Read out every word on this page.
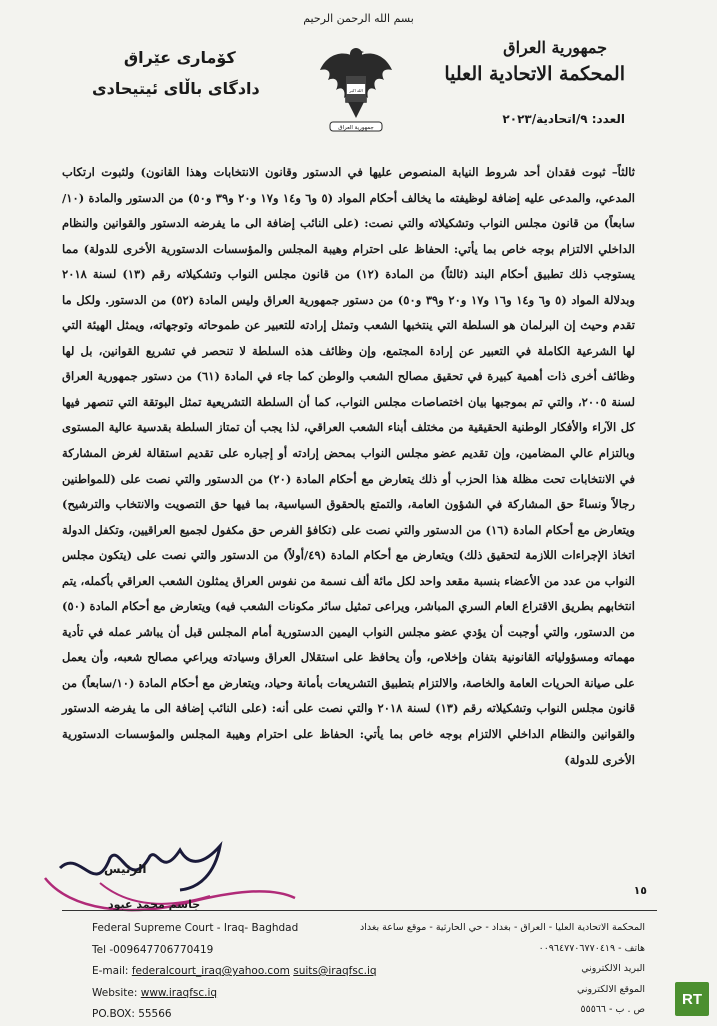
بسم الله الرحمن الرحيم
جمهورية العراق
المحكمة الاتحادية العليا
كۆماری عێراق
دادگای باڵای ئیتیحادی	الله اكبر
جمهورية العراق
العدد: ٩/اتحادية/٢٠٢٣

ثالثاً– ثبوت فقدان أحد شروط النيابة المنصوص عليها في الدستور وقانون الانتخابات وهذا القانون) ولثبوت ارتكاب المدعي، والمدعى عليه إضافة لوظيفته ما يخالف أحكام المواد (٥ و٦ و١٤ و١٧ و٢٠ و٣٩ و٥٠) من الدستور والمادة (١٠/ سابعاً) من قانون مجلس النواب وتشكيلاته والتي نصت: (على النائب إضافة الى ما يفرضه الدستور والقوانين والنظام الداخلي الالتزام بوجه خاص بما يأتي: الحفاظ على احترام وهيبة المجلس والمؤسسات الدستورية الأخرى للدولة) مما يستوجب ذلك تطبيق أحكام البند (ثالثاً) من المادة (١٢) من قانون مجلس النواب وتشكيلاته رقم (١٣) لسنة ٢٠١٨ وبدلالة المواد (٥ و٦ و١٤ و١٦ و١٧ و٢٠ و٣٩ و٥٠) من دستور جمهورية العراق وليس المادة (٥٢) من الدستور. ولكل ما تقدم وحيث إن البرلمان هو السلطة التي ينتخبها الشعب وتمثل إرادته للتعبير عن طموحاته وتوجهاته، ويمثل الهيئة التي لها الشرعية الكاملة في التعبير عن إرادة المجتمع، وإن وظائف هذه السلطة لا تنحصر في تشريع القوانين، بل لها وظائف أخرى ذات أهمية كبيرة في تحقيق مصالح الشعب والوطن كما جاء في المادة (٦١) من دستور جمهورية العراق لسنة ٢٠٠٥، والتي تم بموجبها بيان اختصاصات مجلس النواب، كما أن السلطة التشريعية تمثل البوتقة التي تنصهر فيها كل الآراء والأفكار الوطنية الحقيقية من مختلف أبناء الشعب العراقي، لذا يجب أن تمتاز السلطة بقدسية عالية المستوى وبالتزام عالي المضامين، وإن تقديم عضو مجلس النواب بمحض إرادته أو إجباره على تقديم استقالة لغرض المشاركة في الانتخابات تحت مظلة هذا الحزب أو ذلك يتعارض مع أحكام المادة (٢٠) من الدستور والتي نصت على (للمواطنين رجالاً ونساءً حق المشاركة في الشؤون العامة، والتمتع بالحقوق السياسية، بما فيها حق التصويت والانتخاب والترشيح) ويتعارض مع أحكام المادة (١٦) من الدستور والتي نصت على (تكافؤ الفرص حق مكفول لجميع العراقيين، وتكفل الدولة اتخاذ الإجراءات اللازمة لتحقيق ذلك) ويتعارض مع أحكام المادة (٤٩/أولاً) من الدستور والتي نصت على (يتكون مجلس النواب من عدد من الأعضاء بنسبة مقعد واحد لكل مائة ألف نسمة من نفوس العراق يمثلون الشعب العراقي بأكمله، يتم انتخابهم بطريق الاقتراع العام السري المباشر، ويراعى تمثيل سائر مكونات الشعب فيه) ويتعارض مع أحكام المادة (٥٠) من الدستور، والتي أوجبت أن يؤدي عضو مجلس النواب اليمين الدستورية أمام المجلس قبل أن يباشر عمله في تأدية مهماته ومسؤولياته القانونية بتفان وإخلاص، وأن يحافظ على استقلال العراق وسيادته ويراعي مصالح شعبه، وأن يعمل على صيانة الحريات العامة والخاصة، والالتزام بتطبيق التشريعات بأمانة وحياد، ويتعارض مع أحكام المادة (١٠/سابعاً) من قانون مجلس النواب وتشكيلاته رقم (١٣) لسنة ٢٠١٨ والتي نصت على أنه: (على النائب إضافة الى ما يفرضه الدستور والقوانين والنظام الداخلي الالتزام بوجه خاص بما يأتي: الحفاظ على احترام وهيبة المجلس والمؤسسات الدستورية الأخرى للدولة)

الرئيس
جاسم محمد عبود
١٥
Federal Supreme Court - Iraq- Baghdad
Tel -009647706770419
E-mail: federalcourt_iraq@yahoo.com suits@iraqfsc.iq
Website: www.iraqfsc.iq
PO.BOX: 55566
المحكمة الاتحادية العليا - العراق - بغداد - حي الحارثية - موقع ساعة بغداد
هاتف - ٠٠٩٦٤٧٧٠٦٧٧٠٤١٩
البريد الالكتروني
الموقع الالكتروني
ص . ب - ٥٥٥٦٦
RT
